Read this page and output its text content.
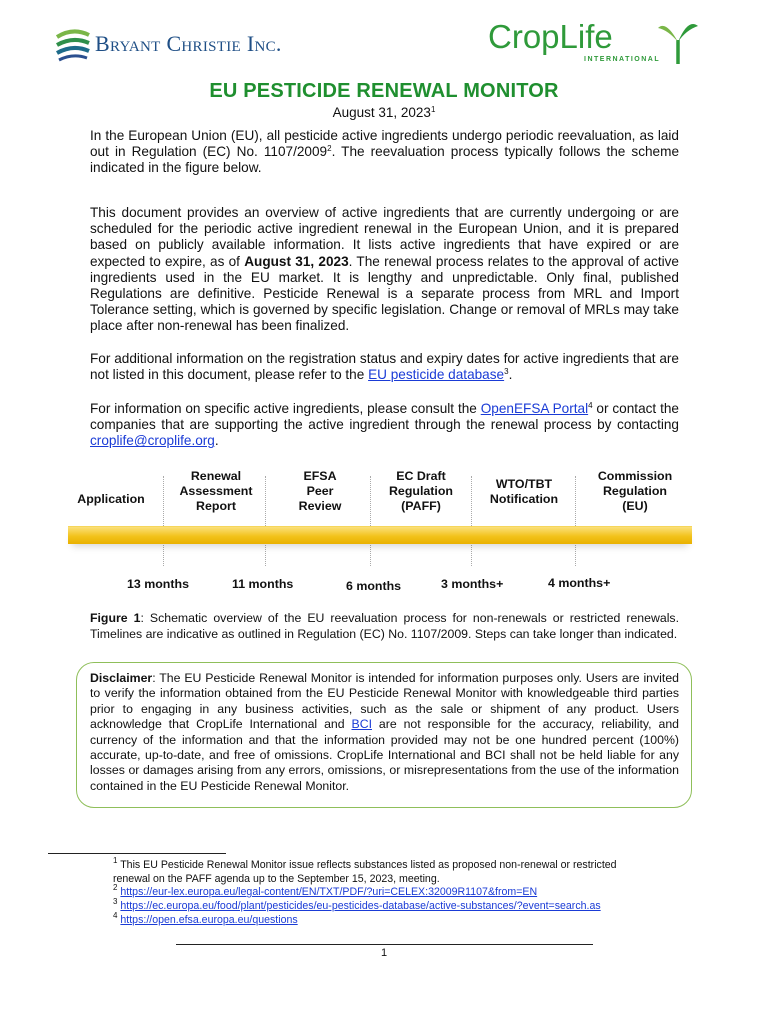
Bryant Christie Inc.	CropLife
INTERNATIONAL
EU PESTICIDE RENEWAL MONITOR
August 31, 2023$^1$

In the European Union (EU), all pesticide active ingredients undergo periodic reevaluation, as laid out in Regulation (EC) No. 1107/2009$^2$. The reevaluation process typically follows the scheme indicated in the figure below.

This document provides an overview of active ingredients that are currently undergoing or are scheduled for the periodic active ingredient renewal in the European Union, and it is prepared based on publicly available information. It lists active ingredients that have expired or are expected to expire, as of August 31, 2023. The renewal process relates to the approval of active ingredients used in the EU market. It is lengthy and unpredictable. Only final, published Regulations are definitive. Pesticide Renewal is a separate process from MRL and Import Tolerance setting, which is governed by specific legislation. Change or removal of MRLs may take place after non-renewal has been finalized.

For additional information on the registration status and expiry dates for active ingredients that are not listed in this document, please refer to the EU pesticide database$^3$.

For information on specific active ingredients, please consult the OpenEFSA Portal$^4$ or contact the companies that are supporting the active ingredient through the renewal process by contacting croplife@croplife.org.

Application
Renewal Assessment Report
EFSA Peer Review
EC Draft Regulation (PAFF)
WTO/TBT Notification
Commission Regulation (EU)
13 months	11 months	6 months	3 months+	4 months+

Figure 1: Schematic overview of the EU reevaluation process for non-renewals or restricted renewals. Timelines are indicative as outlined in Regulation (EC) No. 1107/2009. Steps can take longer than indicated.

Disclaimer: The EU Pesticide Renewal Monitor is intended for information purposes only. Users are invited to verify the information obtained from the EU Pesticide Renewal Monitor with knowledgeable third parties prior to engaging in any business activities, such as the sale or shipment of any product. Users acknowledge that CropLife International and BCI are not responsible for the accuracy, reliability, and currency of the information and that the information provided may not be one hundred percent (100%) accurate, up-to-date, and free of omissions. CropLife International and BCI shall not be held liable for any losses or damages arising from any errors, omissions, or misrepresentations from the use of the information contained in the EU Pesticide Renewal Monitor.

$^1$ This EU Pesticide Renewal Monitor issue reflects substances listed as proposed non-renewal or restricted renewal on the PAFF agenda up to the September 15, 2023, meeting.
$^2$ https://eur-lex.europa.eu/legal-content/EN/TXT/PDF/?uri=CELEX:32009R1107&from=EN
$^3$ https://ec.europa.eu/food/plant/pesticides/eu-pesticides-database/active-substances/?event=search.as
$^4$ https://open.efsa.europa.eu/questions
1
